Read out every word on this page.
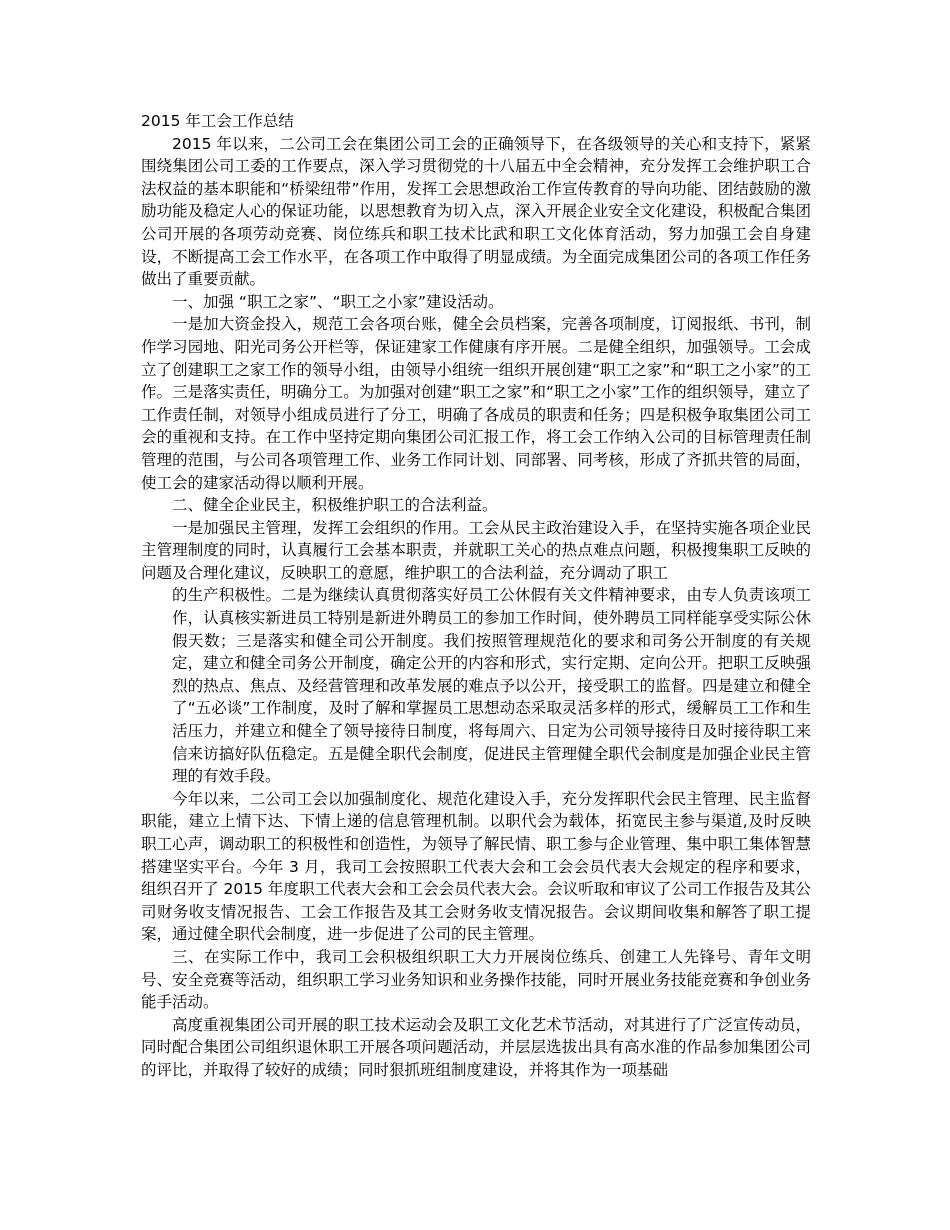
2015 年工会工作总结

2015 年以来，二公司工会在集团公司工会的正确领导下，在各级领导的关心和支持下，紧紧围绕集团公司工委的工作要点，深入学习贯彻党的十八届五中全会精神，充分发挥工会维护职工合法权益的基本职能和“桥梁纽带”作用，发挥工会思想政治工作宣传教育的导向功能、团结鼓励的激励功能及稳定人心的保证功能，以思想教育为切入点，深入开展企业安全文化建设，积极配合集团公司开展的各项劳动竞赛、岗位练兵和职工技术比武和职工文化体育活动，努力加强工会自身建设，不断提高工会工作水平，在各项工作中取得了明显成绩。为全面完成集团公司的各项工作任务做出了重要贡献。

一、加强 “职工之家”、“职工之小家”建设活动。

一是加大资金投入，规范工会各项台账，健全会员档案，完善各项制度，订阅报纸、书刊，制作学习园地、阳光司务公开栏等，保证建家工作健康有序开展。二是健全组织，加强领导。工会成立了创建职工之家工作的领导小组，由领导小组统一组织开展创建“职工之家”和“职工之小家”的工作。三是落实责任，明确分工。为加强对创建“职工之家”和“职工之小家”工作的组织领导，建立了工作责任制，对领导小组成员进行了分工，明确了各成员的职责和任务；四是积极争取集团公司工会的重视和支持。在工作中坚持定期向集团公司汇报工作，将工会工作纳入公司的目标管理责任制管理的范围，与公司各项管理工作、业务工作同计划、同部署、同考核，形成了齐抓共管的局面，使工会的建家活动得以顺利开展。

二、健全企业民主，积极维护职工的合法利益。

一是加强民主管理，发挥工会组织的作用。工会从民主政治建设入手，在坚持实施各项企业民主管理制度的同时，认真履行工会基本职责，并就职工关心的热点难点问题，积极搜集职工反映的问题及合理化建议，反映职工的意愿，维护职工的合法利益，充分调动了职工

的生产积极性。二是为继续认真贯彻落实好员工公休假有关文件精神要求，由专人负责该项工作，认真核实新进员工特别是新进外聘员工的参加工作时间，使外聘员工同样能享受实际公休假天数；三是落实和健全司公开制度。我们按照管理规范化的要求和司务公开制度的有关规定，建立和健全司务公开制度，确定公开的内容和形式，实行定期、定向公开。把职工反映强烈的热点、焦点、及经营管理和改革发展的难点予以公开，接受职工的监督。四是建立和健全了“五必谈”工作制度，及时了解和掌握员工思想动态采取灵活多样的形式，缓解员工工作和生活压力，并建立和健全了领导接待日制度，将每周六、日定为公司领导接待日及时接待职工来信来访搞好队伍稳定。五是健全职代会制度，促进民主管理健全职代会制度是加强企业民主管理的有效手段。

今年以来，二公司工会以加强制度化、规范化建设入手，充分发挥职代会民主管理、民主监督职能，建立上情下达、下情上递的信息管理机制。以职代会为载体，拓宽民主参与渠道,及时反映职工心声，调动职工的积极性和创造性，为领导了解民情、职工参与企业管理、集中职工集体智慧搭建坚实平台。今年 3 月，我司工会按照职工代表大会和工会会员代表大会规定的程序和要求，组织召开了 2015 年度职工代表大会和工会会员代表大会。会议听取和审议了公司工作报告及其公司财务收支情况报告、工会工作报告及其工会财务收支情况报告。会议期间收集和解答了职工提案，通过健全职代会制度，进一步促进了公司的民主管理。

三、在实际工作中，我司工会积极组织职工大力开展岗位练兵、创建工人先锋号、青年文明号、安全竞赛等活动，组织职工学习业务知识和业务操作技能，同时开展业务技能竞赛和争创业务能手活动。

高度重视集团公司开展的职工技术运动会及职工文化艺术节活动，对其进行了广泛宣传动员，同时配合集团公司组织退休职工开展各项问题活动，并层层选拔出具有高水准的作品参加集团公司的评比，并取得了较好的成绩；同时狠抓班组制度建设，并将其作为一项基础
